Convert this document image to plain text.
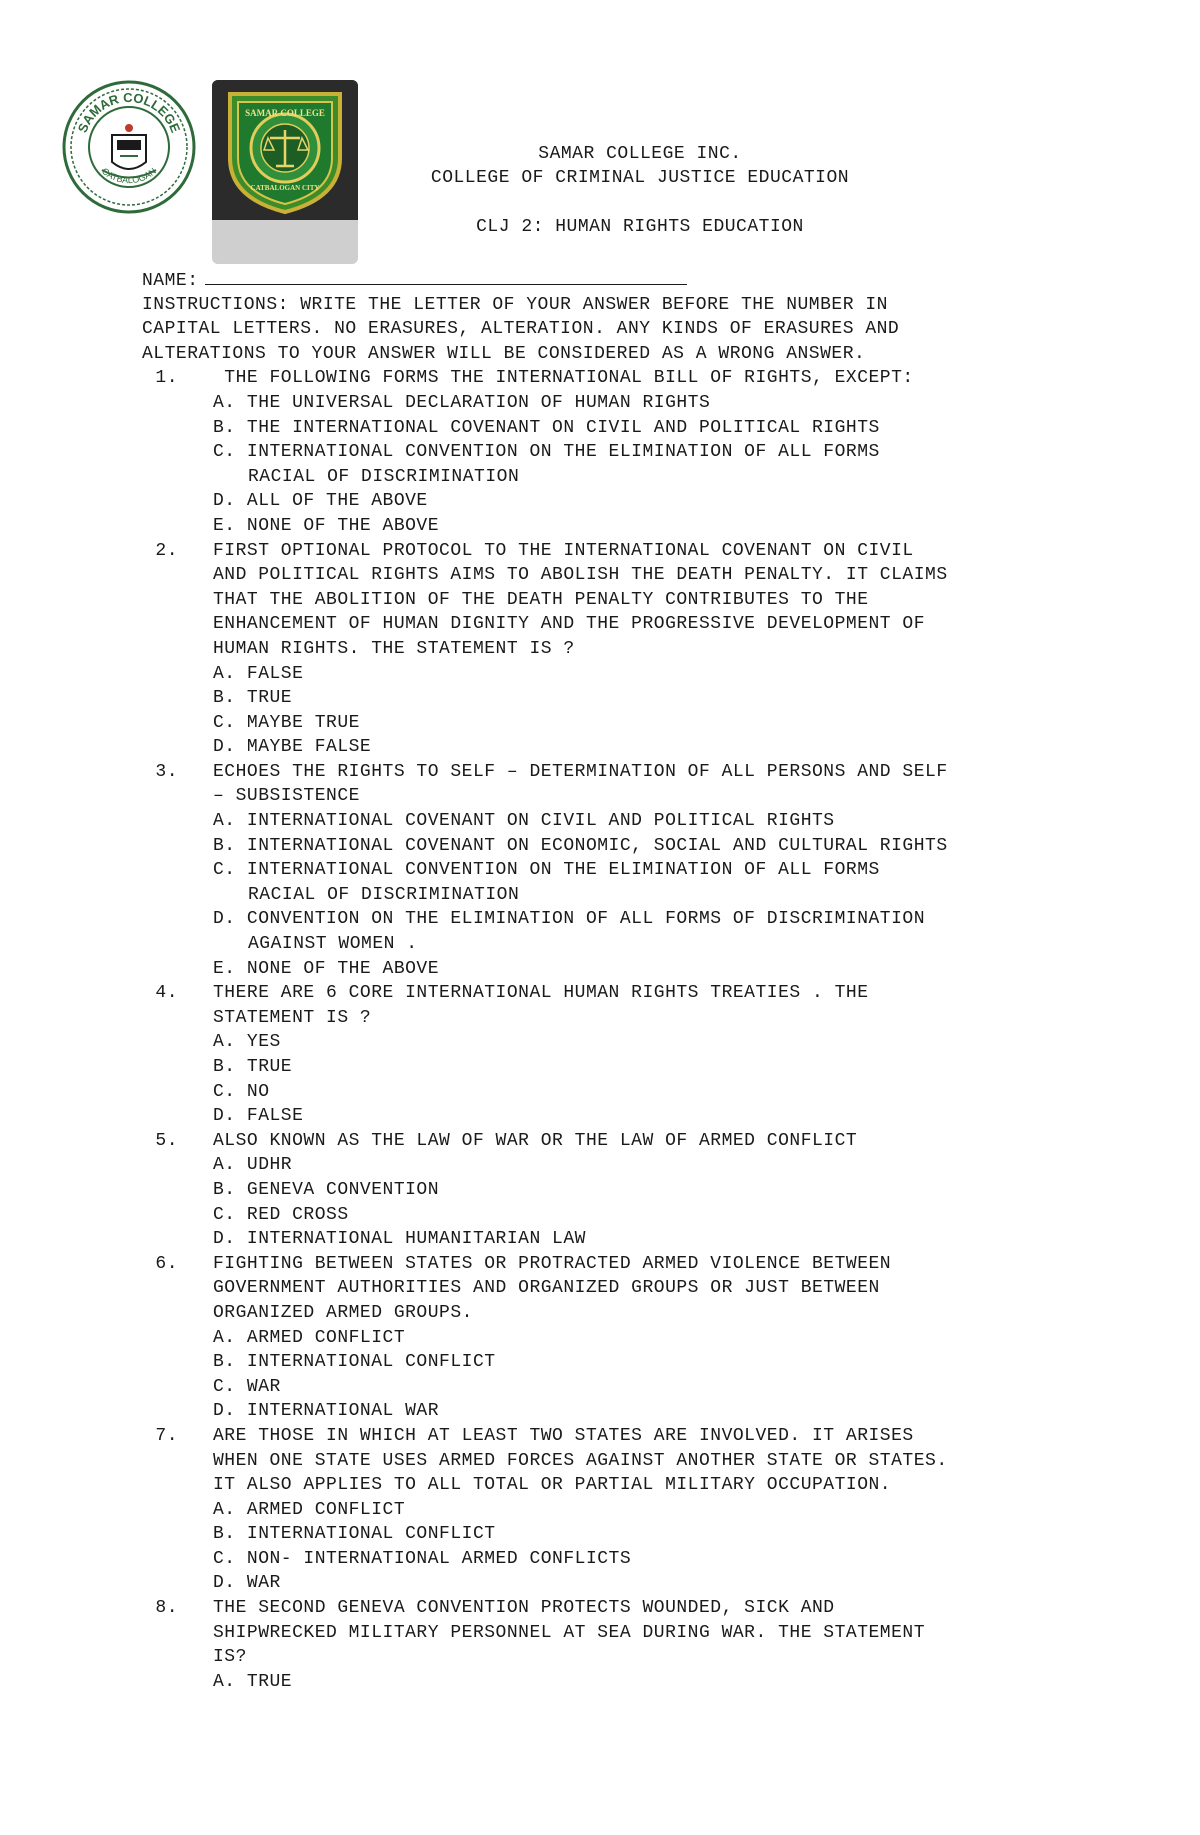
SAMAR COLLEGE
CATBALOGAN
SAMAR COLLEGE
CATBALOGAN CITY
SAMAR COLLEGE INC.
COLLEGE OF CRIMINAL JUSTICE EDUCATION
CLJ 2: HUMAN RIGHTS EDUCATION
NAME:
INSTRUCTIONS: WRITE THE LETTER OF YOUR ANSWER BEFORE THE NUMBER IN
CAPITAL LETTERS. NO ERASURES, ALTERATION. ANY KINDS OF ERASURES AND
ALTERATIONS TO YOUR ANSWER WILL BE CONSIDERED AS A WRONG ANSWER.
1.  THE FOLLOWING FORMS THE INTERNATIONAL BILL OF RIGHTS, EXCEPT:
A. THE UNIVERSAL DECLARATION OF HUMAN RIGHTS
B. THE INTERNATIONAL COVENANT ON CIVIL AND POLITICAL RIGHTS
C. INTERNATIONAL CONVENTION ON THE ELIMINATION OF ALL FORMS
RACIAL OF DISCRIMINATION
D. ALL OF THE ABOVE
E. NONE OF THE ABOVE
2. FIRST OPTIONAL PROTOCOL TO THE INTERNATIONAL COVENANT ON CIVIL
AND POLITICAL RIGHTS AIMS TO ABOLISH THE DEATH PENALTY. IT CLAIMS
THAT THE ABOLITION OF THE DEATH PENALTY CONTRIBUTES TO THE
ENHANCEMENT OF HUMAN DIGNITY AND THE PROGRESSIVE DEVELOPMENT OF
HUMAN RIGHTS. THE STATEMENT IS ?
A. FALSE
B. TRUE
C. MAYBE TRUE
D. MAYBE FALSE
3. ECHOES THE RIGHTS TO SELF – DETERMINATION OF ALL PERSONS AND SELF
– SUBSISTENCE
A. INTERNATIONAL COVENANT ON CIVIL AND POLITICAL RIGHTS
B. INTERNATIONAL COVENANT ON ECONOMIC, SOCIAL AND CULTURAL RIGHTS
C. INTERNATIONAL CONVENTION ON THE ELIMINATION OF ALL FORMS
RACIAL OF DISCRIMINATION
D. CONVENTION ON THE ELIMINATION OF ALL FORMS OF DISCRIMINATION
AGAINST WOMEN .
E. NONE OF THE ABOVE
4. THERE ARE 6 CORE INTERNATIONAL HUMAN RIGHTS TREATIES . THE
STATEMENT IS ?
A. YES
B. TRUE
C. NO
D. FALSE
5. ALSO KNOWN AS THE LAW OF WAR OR THE LAW OF ARMED CONFLICT
A. UDHR
B. GENEVA CONVENTION
C. RED CROSS
D. INTERNATIONAL HUMANITARIAN LAW
6. FIGHTING BETWEEN STATES OR PROTRACTED ARMED VIOLENCE BETWEEN
GOVERNMENT AUTHORITIES AND ORGANIZED GROUPS OR JUST BETWEEN
ORGANIZED ARMED GROUPS.
A. ARMED CONFLICT
B. INTERNATIONAL CONFLICT
C. WAR
D. INTERNATIONAL WAR
7. ARE THOSE IN WHICH AT LEAST TWO STATES ARE INVOLVED. IT ARISES
WHEN ONE STATE USES ARMED FORCES AGAINST ANOTHER STATE OR STATES.
IT ALSO APPLIES TO ALL TOTAL OR PARTIAL MILITARY OCCUPATION.
A. ARMED CONFLICT
B. INTERNATIONAL CONFLICT
C. NON- INTERNATIONAL ARMED CONFLICTS
D. WAR
8. THE SECOND GENEVA CONVENTION PROTECTS WOUNDED, SICK AND
SHIPWRECKED MILITARY PERSONNEL AT SEA DURING WAR. THE STATEMENT
IS?
A. TRUE
